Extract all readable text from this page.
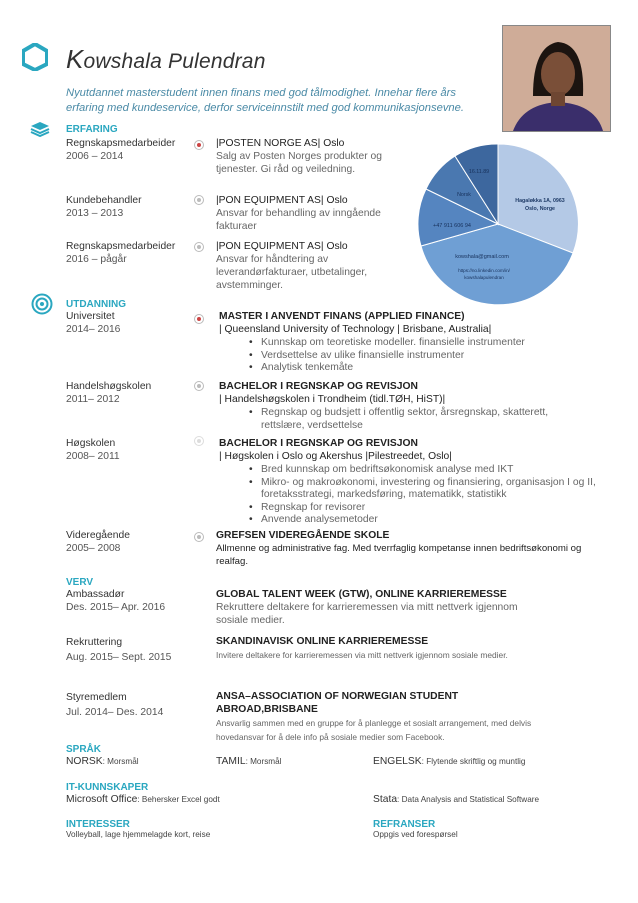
Kowshala Pulendran
Nyutdannet masterstudent innen finans med god tålmodighet. Innehar flere års erfaring med kundeservice, derfor serviceinnstilt med god kommunikasjonsevne.
Hagaløkka 1A, 0963
Oslo, Norge
kowshala@gmail.com
https://no.linkedin.com/in/
kowshalapulendran
+47 911 606 94
Norsk
16.11.89
ERFARING
Regnskapsmedarbeider
2006 – 2014
|POSTEN NORGE AS| Oslo
Salg av Posten Norges produkter og tjenester. Gi råd og veiledning.
Kundebehandler
2013 – 2013
|PON EQUIPMENT AS| Oslo
Ansvar for behandling av inngående fakturaer
Regnskapsmedarbeider
2016 – pågår
|PON EQUIPMENT AS| Oslo
Ansvar for håndtering av leverandørfakturaer, utbetalinger, avstemminger.
UTDANNING
Universitet
2014– 2016
MASTER I ANVENDT FINANS (APPLIED FINANCE)
| Queensland University of Technology | Brisbane, Australia|
• Kunnskap om teoretiske modeller. finansielle instrumenter
• Verdsettelse av ulike finansielle instrumenter
• Analytisk tenkemåte
Handelshøgskolen
2011– 2012
BACHELOR I REGNSKAP OG REVISJON
| Handelshøgskolen i Trondheim (tidl.TØH, HiST)|
• Regnskap og budsjett i offentlig sektor, årsregnskap, skatterett, rettslære, verdsettelse
Høgskolen
2008– 2011
BACHELOR I REGNSKAP OG REVISJON
| Høgskolen i Oslo og Akershus |Pilestreedet, Oslo|
• Bred kunnskap om bedriftsøkonomisk analyse med IKT
• Mikro- og makroøkonomi, investering og finansiering, organisasjon I og II, foretaksstrategi, markedsføring, matematikk, statistikk
• Regnskap for revisorer
• Anvende analysemetoder
Videregående
2005– 2008
GREFSEN VIDEREGÅENDE SKOLE
Allmenne og administrative fag. Med tverrfaglig kompetanse innen bedriftsøkonomi og realfag.
VERV
Ambassadør
Des. 2015– Apr. 2016
GLOBAL TALENT WEEK (GTW), ONLINE KARRIEREMESSE
Rekruttere deltakere for karrieremessen via mitt nettverk igjennom sosiale medier.
Rekruttering
Aug. 2015– Sept. 2015
SKANDINAVISK ONLINE KARRIEREMESSE
Invitere deltakere for karrieremessen via mitt nettverk igjennom sosiale medier.
Styremedlem
Jul. 2014– Des. 2014
ANSA–ASSOCIATION OF NORWEGIAN STUDENT ABROAD,BRISBANE
Ansvarlig sammen med en gruppe for å planlegge et sosialt arrangement, med delvis hovedansvar for å dele info på sosiale medier som Facebook.
SPRÅK
NORSK: Morsmål	TAMIL: Morsmål	ENGELSK: Flytende skriftlig og muntlig
IT-KUNNSKAPER
Microsoft Office: Behersker Excel godt	Stata: Data Analysis and Statistical Software
INTERESSER
Volleyball, lage hjemmelagde kort, reise
REFRANSER
Oppgis ved forespørsel
